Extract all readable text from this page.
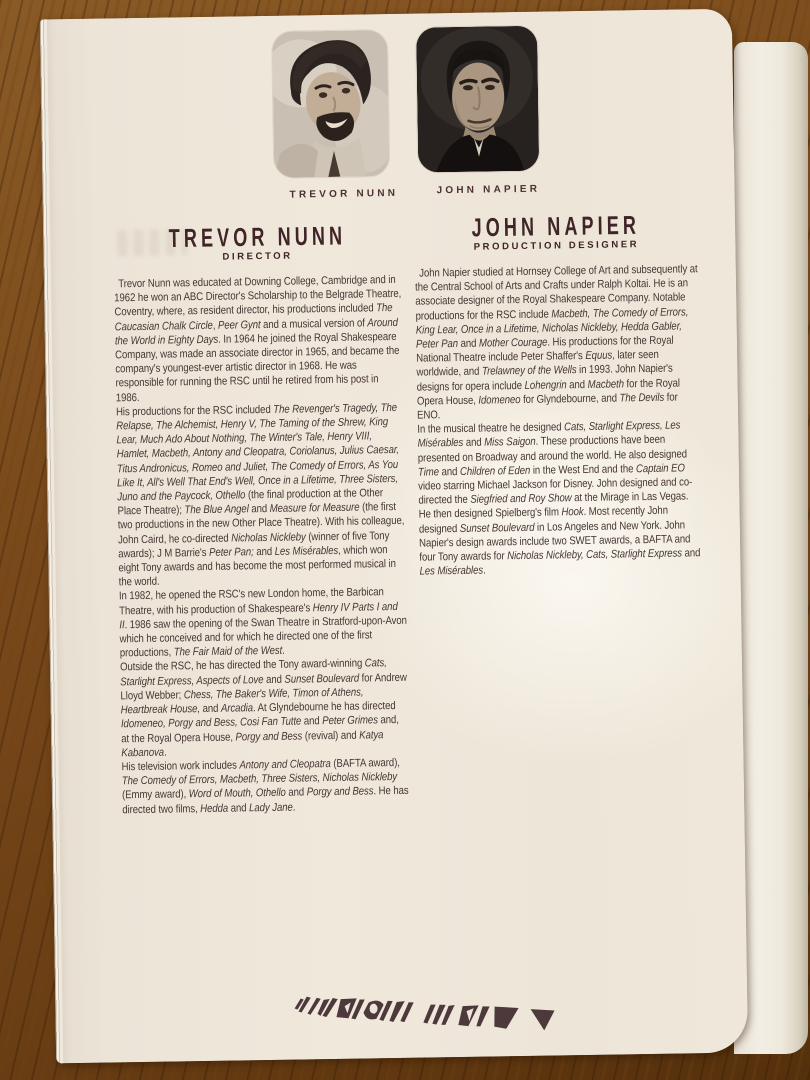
TREVOR NUNN	JOHN NAPIER
TREVOR NUNN
DIRECTOR

Trevor Nunn was educated at Downing College, Cambridge and in 1962 he won an ABC Director's Scholarship to the Belgrade Theatre, Coventry, where, as resident director, his productions included The Caucasian Chalk Circle, Peer Gynt and a musical version of Around the World in Eighty Days. In 1964 he joined the Royal Shakespeare Company, was made an associate director in 1965, and became the company's youngest-ever artistic director in 1968. He was responsible for running the RSC until he retired from his post in 1986.

His productions for the RSC included The Revenger's Tragedy, The Relapse, The Alchemist, Henry V, The Taming of the Shrew, King Lear, Much Ado About Nothing, The Winter's Tale, Henry VIII, Hamlet, Macbeth, Antony and Cleopatra, Coriolanus, Julius Caesar, Titus Andronicus, Romeo and Juliet, The Comedy of Errors, As You Like It, All's Well That End's Well, Once in a Lifetime, Three Sisters, Juno and the Paycock, Othello (the final production at the Other Place Theatre); The Blue Angel and Measure for Measure (the first two productions in the new Other Place Theatre). With his colleague, John Caird, he co-directed Nicholas Nickleby (winner of five Tony awards); J M Barrie's Peter Pan; and Les Misérables, which won eight Tony awards and has become the most performed musical in the world.

In 1982, he opened the RSC's new London home, the Barbican Theatre, with his production of Shakespeare's Henry IV Parts I and II. 1986 saw the opening of the Swan Theatre in Stratford-upon-Avon which he conceived and for which he directed one of the first productions, The Fair Maid of the West.

Outside the RSC, he has directed the Tony award-winning Cats, Starlight Express, Aspects of Love and Sunset Boulevard for Andrew Lloyd Webber; Chess, The Baker's Wife, Timon of Athens, Heartbreak House, and Arcadia. At Glyndebourne he has directed Idomeneo, Porgy and Bess, Cosi Fan Tutte and Peter Grimes and, at the Royal Opera House, Porgy and Bess (revival) and Katya Kabanova.

His television work includes Antony and Cleopatra (BAFTA award), The Comedy of Errors, Macbeth, Three Sisters, Nicholas Nickleby (Emmy award), Word of Mouth, Othello and Porgy and Bess. He has directed two films, Hedda and Lady Jane.

JOHN NAPIER
PRODUCTION DESIGNER

John Napier studied at Hornsey College of Art and subsequently at the Central School of Arts and Crafts under Ralph Koltai. He is an associate designer of the Royal Shakespeare Company. Notable productions for the RSC include Macbeth, The Comedy of Errors, King Lear, Once in a Lifetime, Nicholas Nickleby, Hedda Gabler, Peter Pan and Mother Courage. His productions for the Royal National Theatre include Peter Shaffer's Equus, later seen worldwide, and Trelawney of the Wells in 1993. John Napier's designs for opera include Lohengrin and Macbeth for the Royal Opera House, Idomeneo for Glyndebourne, and The Devils for ENO.

In the musical theatre he designed Cats, Starlight Express, Les Misérables and Miss Saigon. These productions have been presented on Broadway and around the world. He also designed Time and Children of Eden in the West End and the Captain EO video starring Michael Jackson for Disney. John designed and co-directed the Siegfried and Roy Show at the Mirage in Las Vegas. He then designed Spielberg's film Hook. Most recently John designed Sunset Boulevard in Los Angeles and New York. John Napier's design awards include two SWET awards, a BAFTA and four Tony awards for Nicholas Nickleby, Cats, Starlight Express and Les Misérables.
